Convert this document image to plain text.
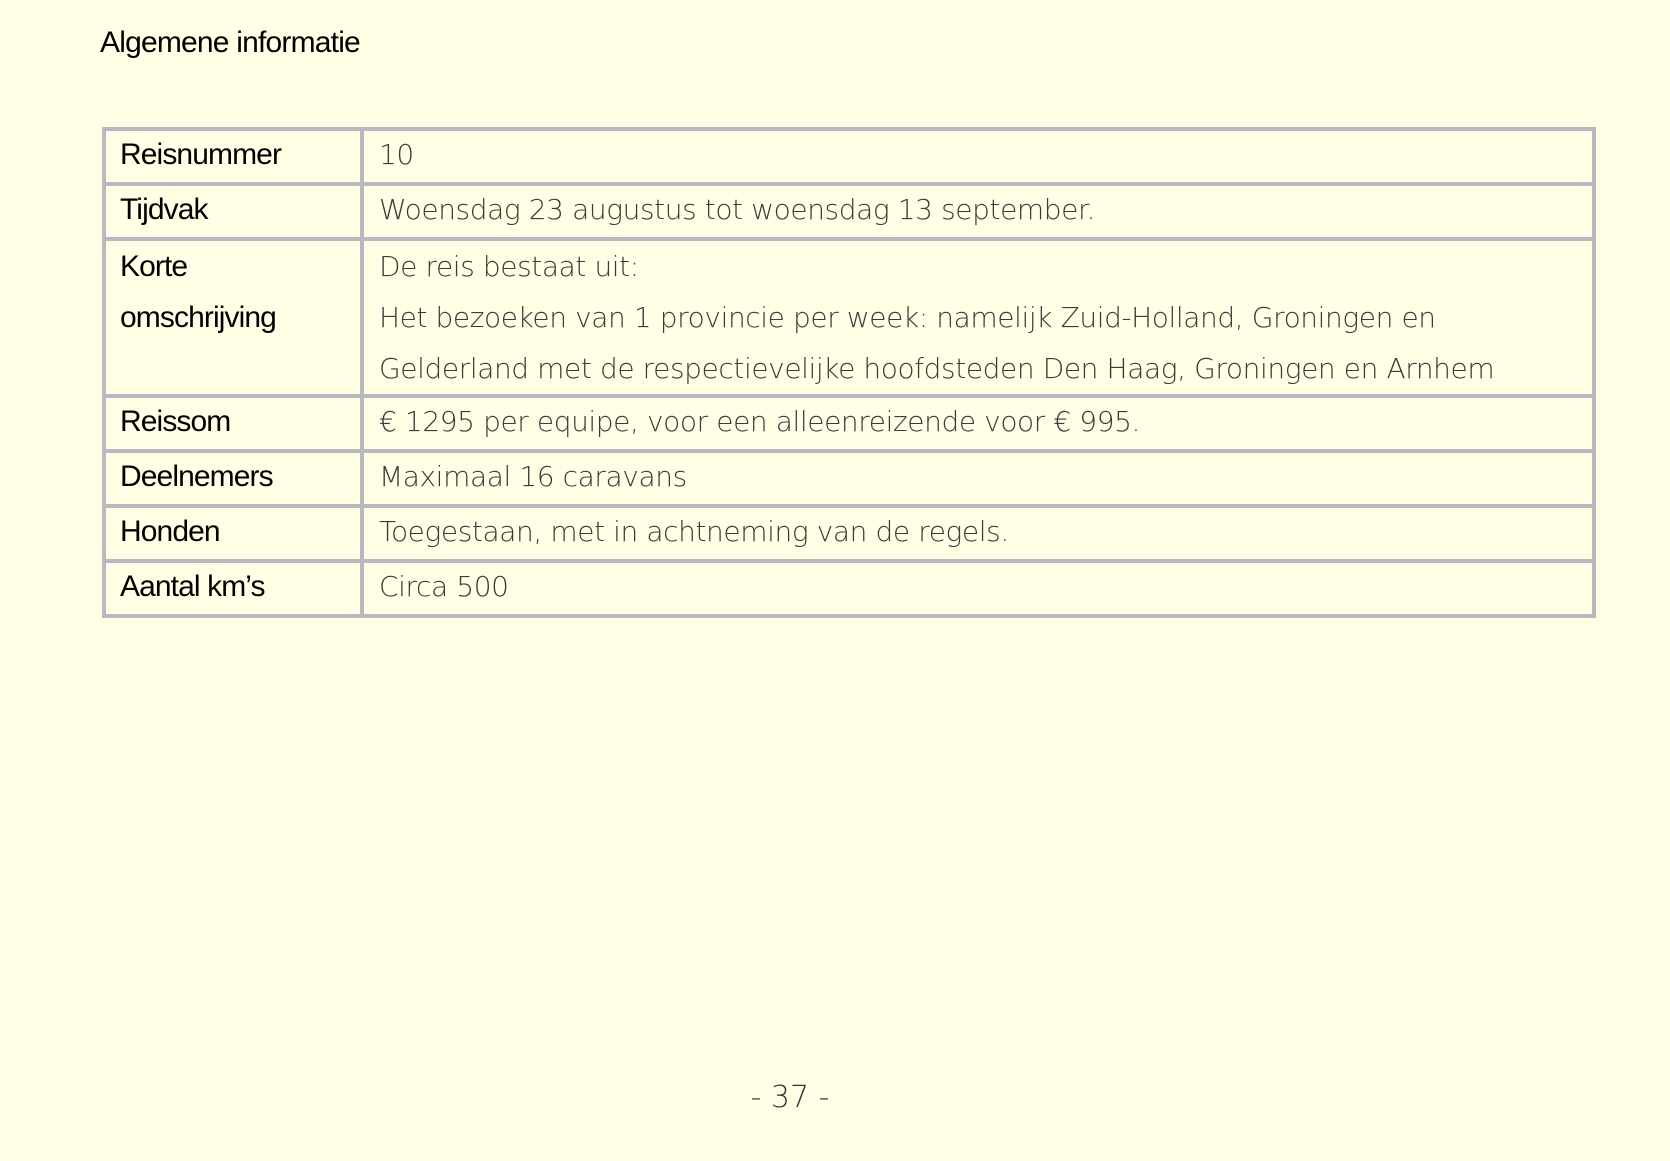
Algemene informatie
Reisnummer	10

Tijdvak	Woensdag 23 augustus tot woensdag 13 september.

Korte
omschrijving	De reis bestaat uit:
Het bezoeken van 1 provincie per week: namelijk Zuid-Holland, Groningen en
Gelderland met de respectievelijke hoofdsteden Den Haag, Groningen en Arnhem

Reissom	€ 1295 per equipe, voor een alleenreizende voor € 995.

Deelnemers	Maximaal 16 caravans

Honden	Toegestaan, met in achtneming van de regels.

Aantal km’s	Circa 500
- 37 -
